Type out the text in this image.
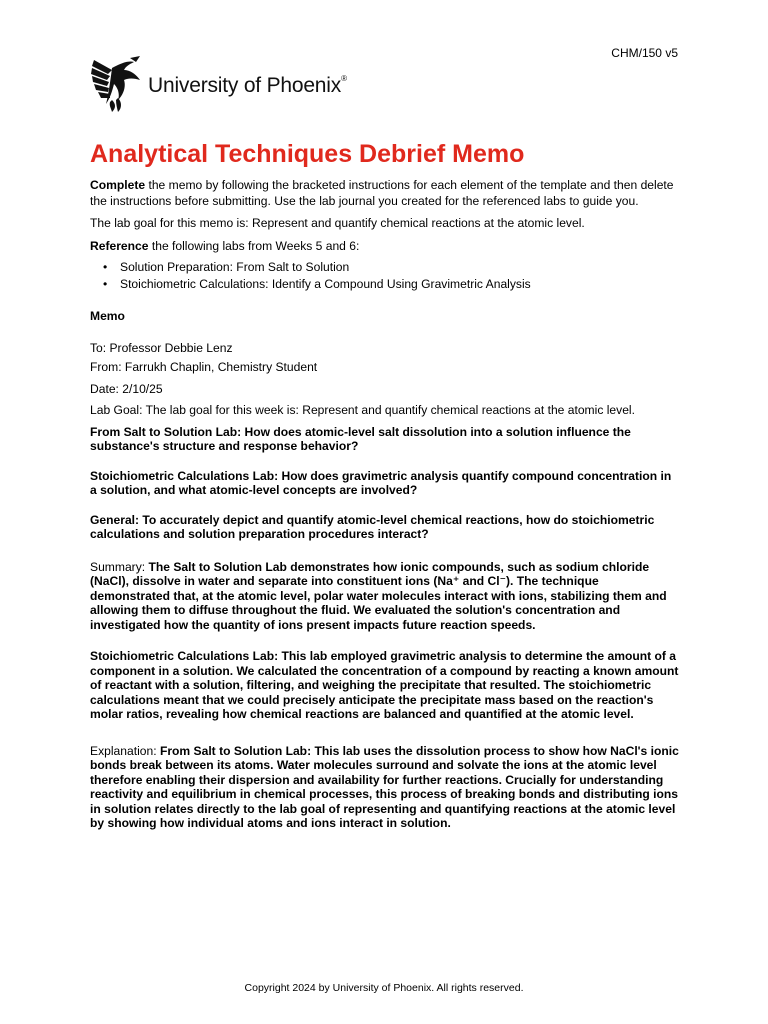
CHM/150 v5
University of Phoenix®
Analytical Techniques Debrief Memo

Complete the memo by following the bracketed instructions for each element of the template and then delete the instructions before submitting. Use the lab journal you created for the referenced labs to guide you.

The lab goal for this memo is: Represent and quantify chemical reactions at the atomic level.

Reference the following labs from Weeks 5 and 6:

• Solution Preparation: From Salt to Solution
• Stoichiometric Calculations: Identify a Compound Using Gravimetric Analysis

Memo

To: Professor Debbie Lenz

From: Farrukh Chaplin, Chemistry Student

Date: 2/10/25

Lab Goal: The lab goal for this week is: Represent and quantify chemical reactions at the atomic level.

From Salt to Solution Lab: How does atomic-level salt dissolution into a solution influence the substance's structure and response behavior?

Stoichiometric Calculations Lab: How does gravimetric analysis quantify compound concentration in a solution, and what atomic-level concepts are involved?

General: To accurately depict and quantify atomic-level chemical reactions, how do stoichiometric calculations and solution preparation procedures interact?

Summary: The Salt to Solution Lab demonstrates how ionic compounds, such as sodium chloride (NaCl), dissolve in water and separate into constituent ions (Na⁺ and Cl⁻). The technique demonstrated that, at the atomic level, polar water molecules interact with ions, stabilizing them and allowing them to diffuse throughout the fluid. We evaluated the solution's concentration and investigated how the quantity of ions present impacts future reaction speeds.

Stoichiometric Calculations Lab: This lab employed gravimetric analysis to determine the amount of a component in a solution. We calculated the concentration of a compound by reacting a known amount of reactant with a solution, filtering, and weighing the precipitate that resulted. The stoichiometric calculations meant that we could precisely anticipate the precipitate mass based on the reaction's molar ratios, revealing how chemical reactions are balanced and quantified at the atomic level.

Explanation: From Salt to Solution Lab: This lab uses the dissolution process to show how NaCl's ionic bonds break between its atoms. Water molecules surround and solvate the ions at the atomic level therefore enabling their dispersion and availability for further reactions. Crucially for understanding reactivity and equilibrium in chemical processes, this process of breaking bonds and distributing ions in solution relates directly to the lab goal of representing and quantifying reactions at the atomic level by showing how individual atoms and ions interact in solution.

Copyright 2024 by University of Phoenix. All rights reserved.
